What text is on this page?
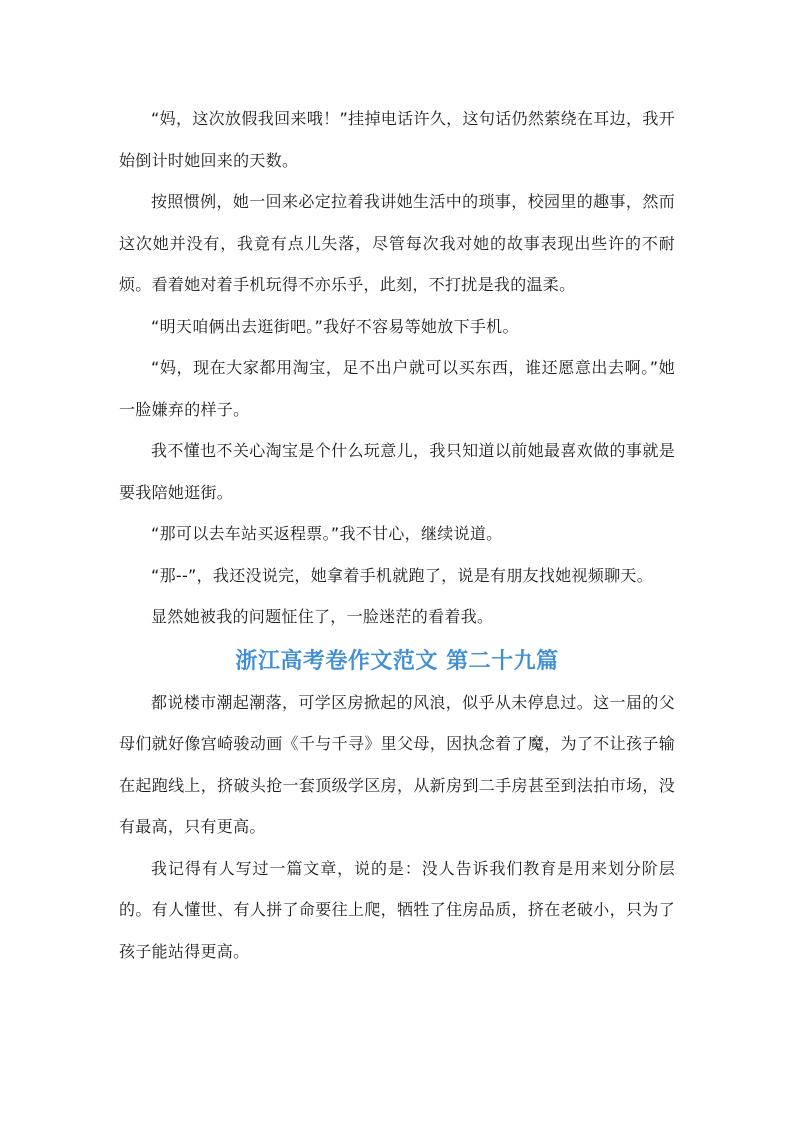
“妈，这次放假我回来哦！”挂掉电话许久，这句话仍然萦绕在耳边，我开始倒计时她回来的天数。

按照惯例，她一回来必定拉着我讲她生活中的琐事，校园里的趣事，然而这次她并没有，我竟有点儿失落，尽管每次我对她的故事表现出些许的不耐烦。看着她对着手机玩得不亦乐乎，此刻，不打扰是我的温柔。

“明天咱俩出去逛街吧。”我好不容易等她放下手机。

“妈，现在大家都用淘宝，足不出户就可以买东西，谁还愿意出去啊。”她一脸嫌弃的样子。

我不懂也不关心淘宝是个什么玩意儿，我只知道以前她最喜欢做的事就是要我陪她逛街。

“那可以去车站买返程票。”我不甘心，继续说道。

“那--”，我还没说完，她拿着手机就跑了，说是有朋友找她视频聊天。

显然她被我的问题怔住了，一脸迷茫的看着我。

浙江高考卷作文范文 第二十九篇

都说楼市潮起潮落，可学区房掀起的风浪，似乎从未停息过。这一届的父母们就好像宫崎骏动画《千与千寻》里父母，因执念着了魔，为了不让孩子输在起跑线上，挤破头抢一套顶级学区房，从新房到二手房甚至到法拍市场，没有最高，只有更高。

我记得有人写过一篇文章，说的是：没人告诉我们教育是用来划分阶层的。有人懂世、有人拼了命要往上爬，牺牲了住房品质，挤在老破小，只为了孩子能站得更高。
